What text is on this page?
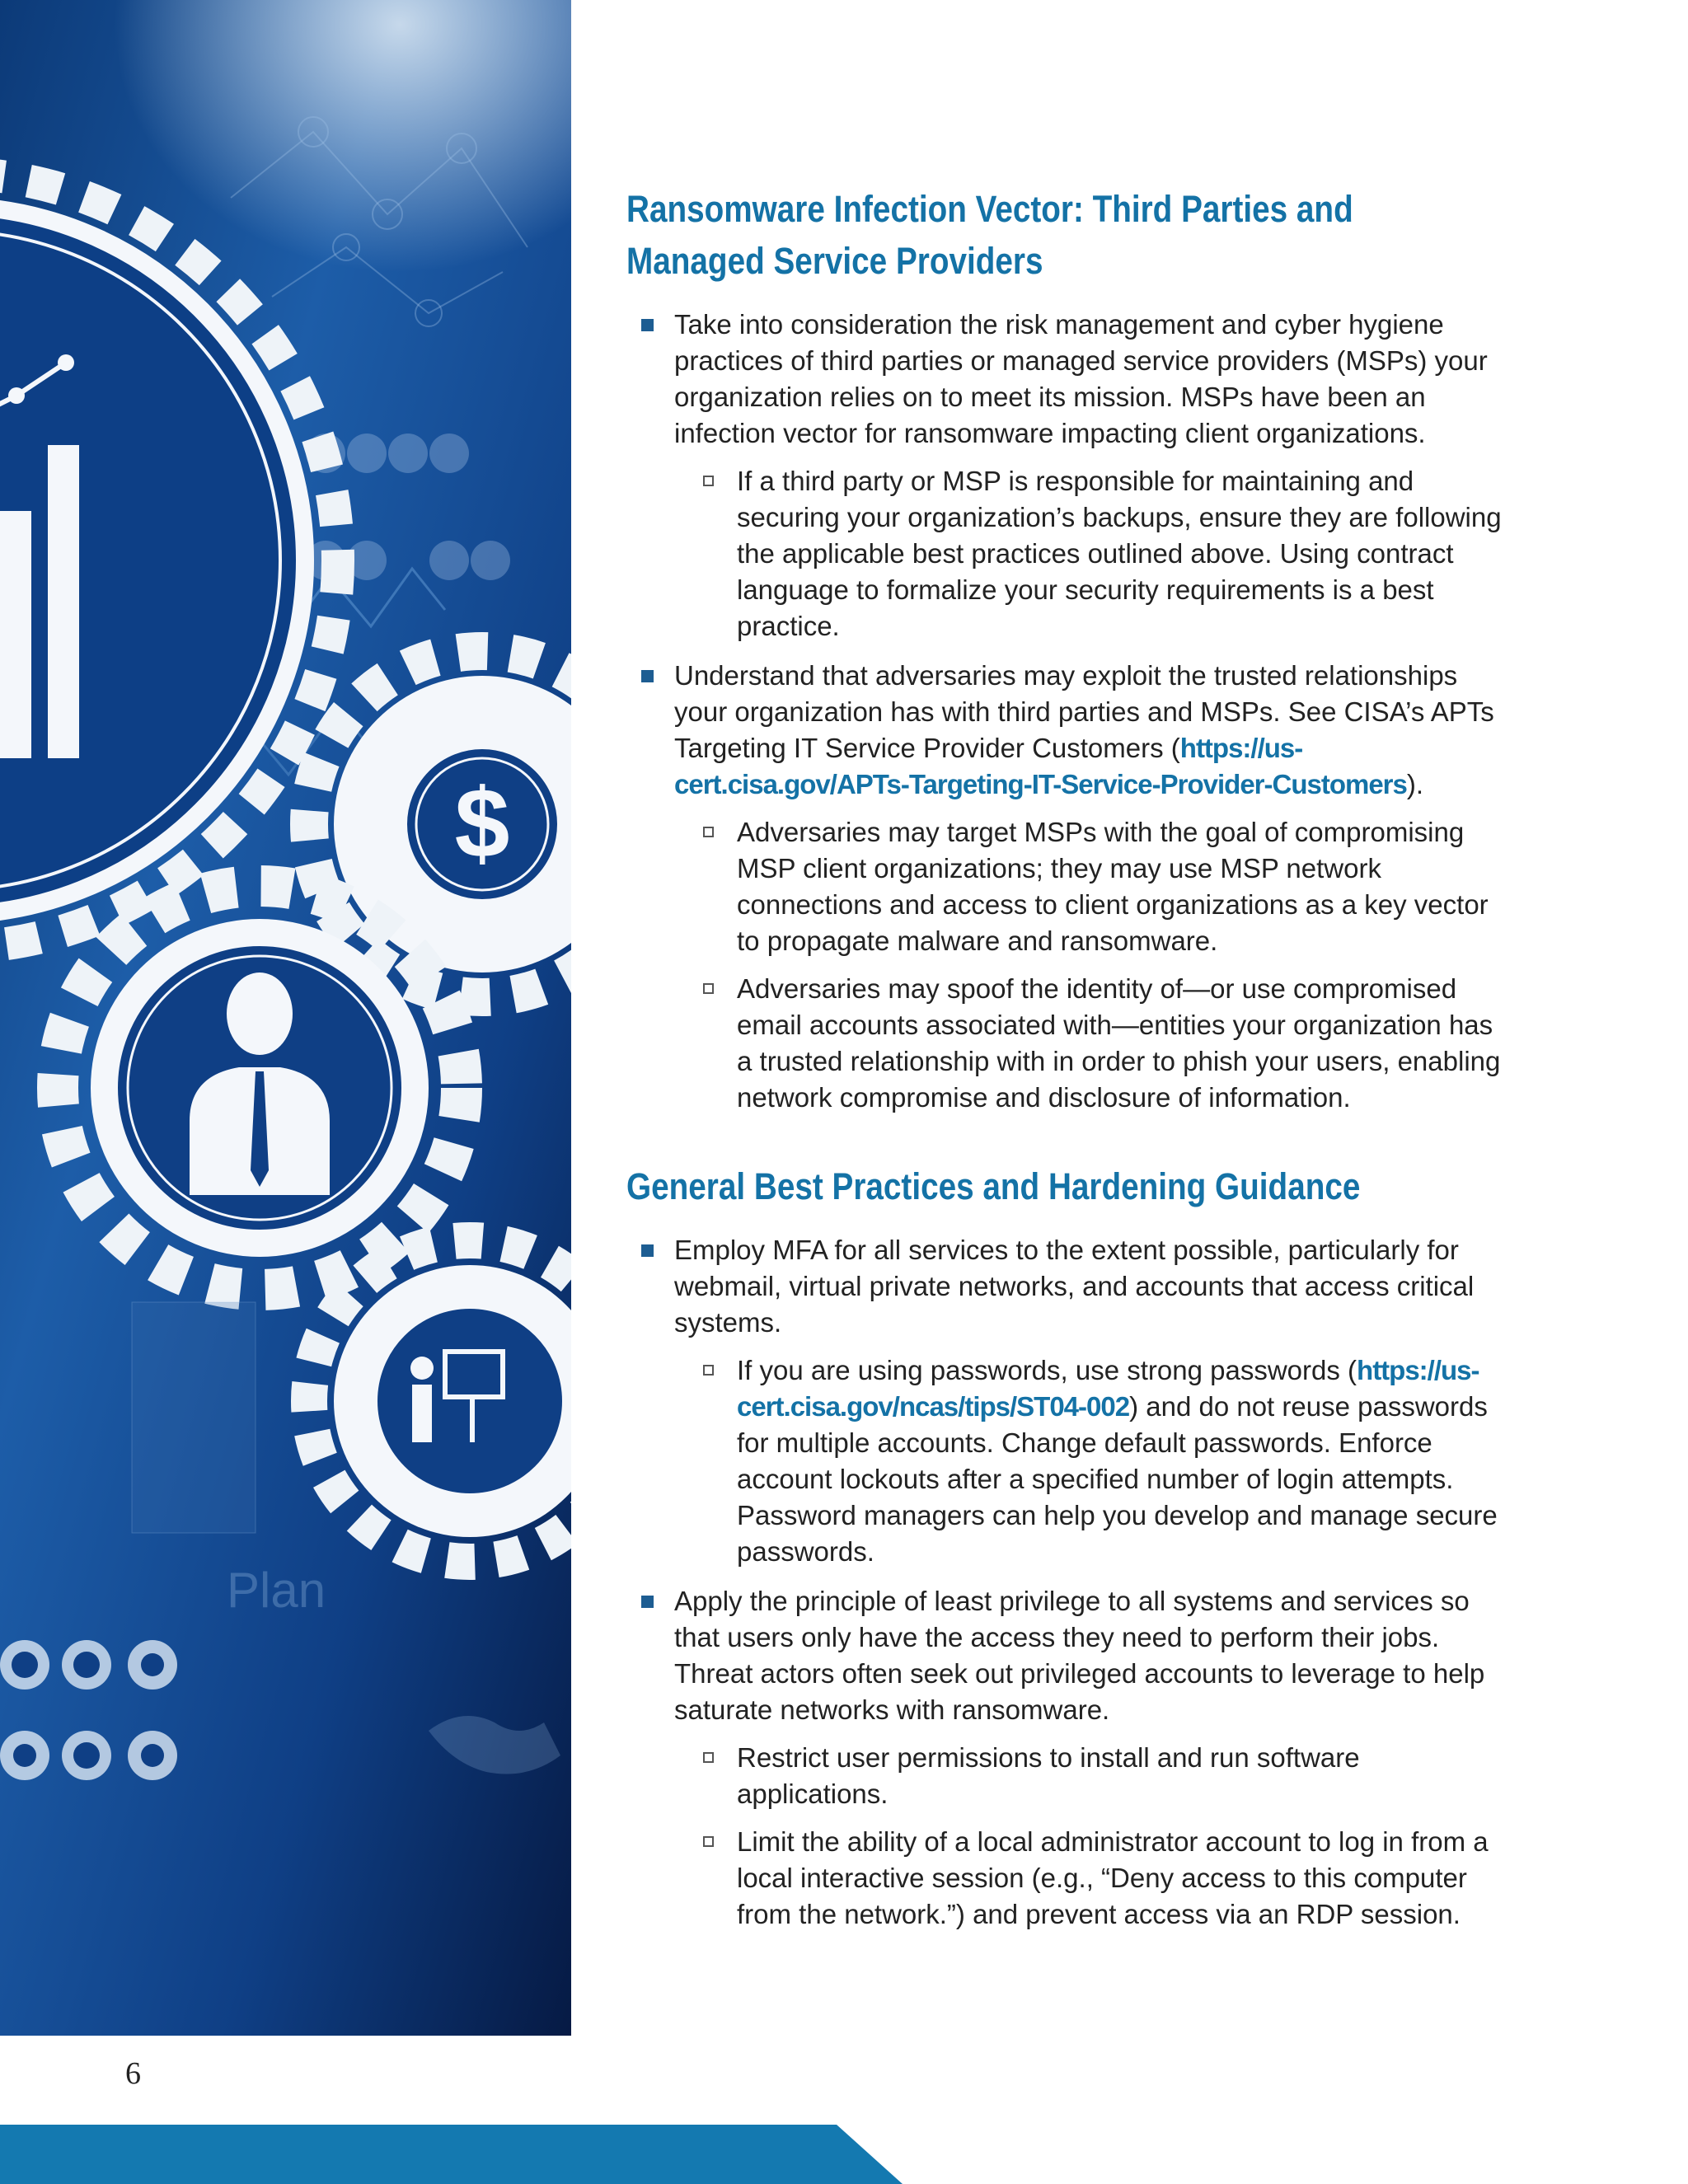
$
Plan
Ransomware Infection Vector: Third Parties and
Managed Service Providers
Take into consideration the risk management and cyber hygiene practices of third parties or managed service providers (MSPs) your organization relies on to meet its mission. MSPs have been an infection vector for ransomware impacting client organizations.
If a third party or MSP is responsible for maintaining and securing your organization’s backups, ensure they are following the applicable best practices outlined above. Using contract language to formalize your security requirements is a best practice.
Understand that adversaries may exploit the trusted relationships your organization has with third parties and MSPs. See CISA’s APTs Targeting IT Service Provider Customers (https://us-cert.cisa.gov/APTs-Targeting-IT-Service-Provider-Customers).
Adversaries may target MSPs with the goal of compromising MSP client organizations; they may use MSP network connections and access to client organizations as a key vector to propagate malware and ransomware.
Adversaries may spoof the identity of—or use compromised email accounts associated with—entities your organization has a trusted relationship with in order to phish your users, enabling network compromise and disclosure of information.
General Best Practices and Hardening Guidance
Employ MFA for all services to the extent possible, particularly for webmail, virtual private networks, and accounts that access critical systems.
If you are using passwords, use strong passwords (https://us-cert.cisa.gov/ncas/tips/ST04-002) and do not reuse passwords for multiple accounts. Change default passwords. Enforce account lockouts after a specified number of login attempts. Password managers can help you develop and manage secure passwords.
Apply the principle of least privilege to all systems and services so that users only have the access they need to perform their jobs. Threat actors often seek out privileged accounts to leverage to help saturate networks with ransomware.
Restrict user permissions to install and run software applications.
Limit the ability of a local administrator account to log in from a local interactive session (e.g., “Deny access to this computer from the network.”) and prevent access via an RDP session.
6
